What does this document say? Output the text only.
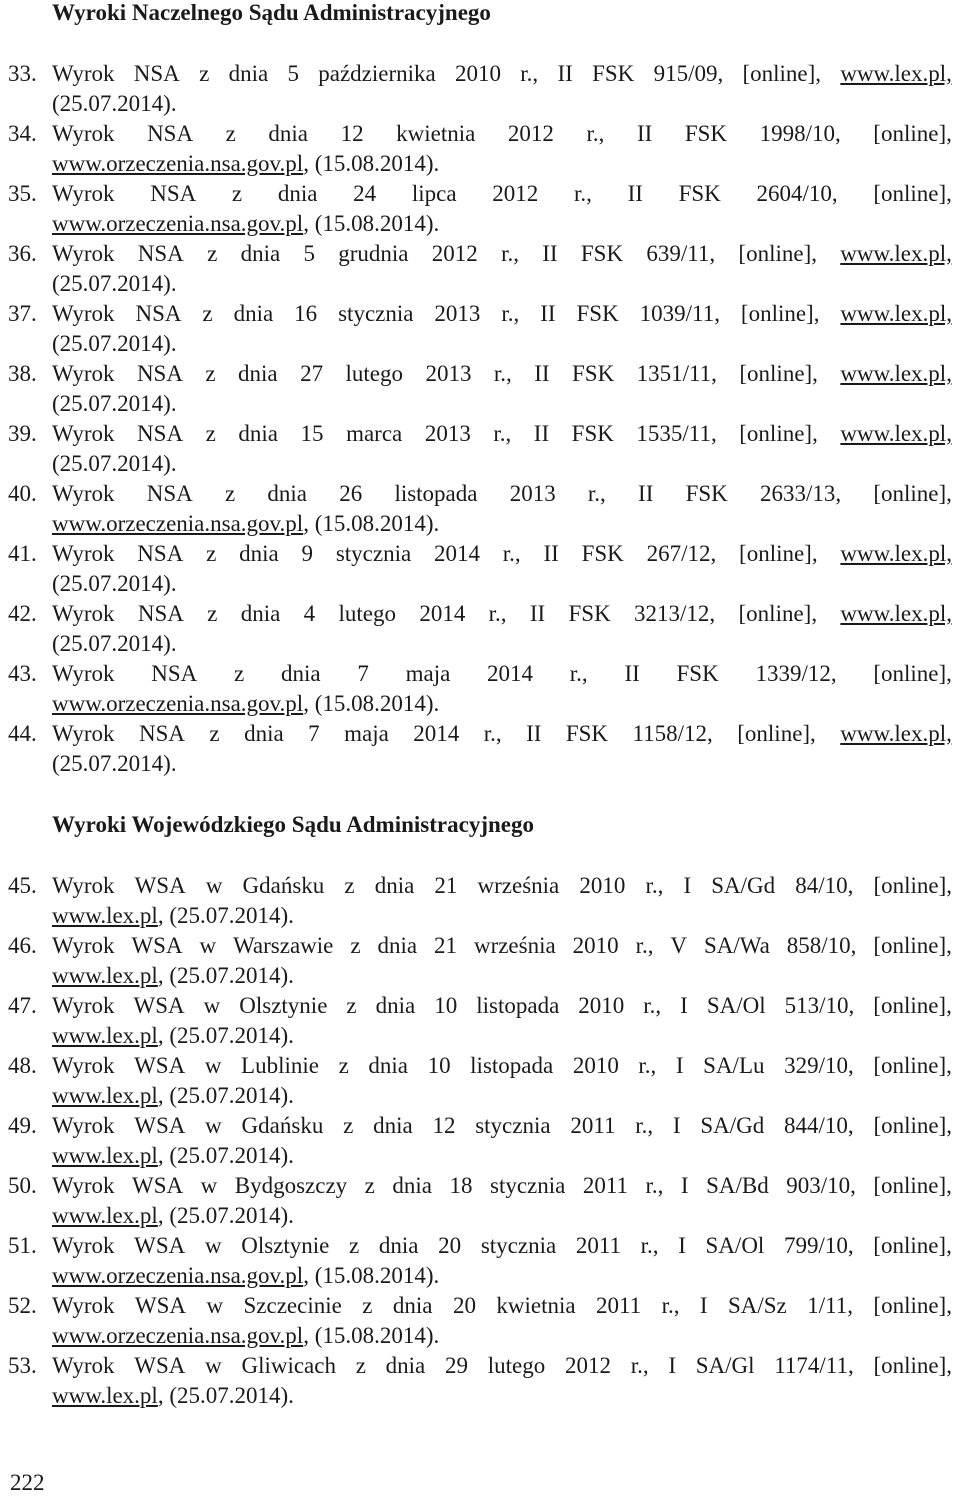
Wyroki Naczelnego Sądu Administracyjnego
33. Wyrok NSA z dnia 5 października 2010 r., II FSK 915/09, [online], www.lex.pl,
(25.07.2014).
34. Wyrok NSA z dnia 12 kwietnia 2012 r., II FSK 1998/10, [online],
www.orzeczenia.nsa.gov.pl, (15.08.2014).
35. Wyrok NSA z dnia 24 lipca 2012 r., II FSK 2604/10, [online],
www.orzeczenia.nsa.gov.pl, (15.08.2014).
36. Wyrok NSA z dnia 5 grudnia 2012 r., II FSK 639/11, [online], www.lex.pl,
(25.07.2014).
37. Wyrok NSA z dnia 16 stycznia 2013 r., II FSK 1039/11, [online], www.lex.pl,
(25.07.2014).
38. Wyrok NSA z dnia 27 lutego 2013 r., II FSK 1351/11, [online], www.lex.pl,
(25.07.2014).
39. Wyrok NSA z dnia 15 marca 2013 r., II FSK 1535/11, [online], www.lex.pl,
(25.07.2014).
40. Wyrok NSA z dnia 26 listopada 2013 r., II FSK 2633/13, [online],
www.orzeczenia.nsa.gov.pl, (15.08.2014).
41. Wyrok NSA z dnia 9 stycznia 2014 r., II FSK 267/12, [online], www.lex.pl,
(25.07.2014).
42. Wyrok NSA z dnia 4 lutego 2014 r., II FSK 3213/12, [online], www.lex.pl,
(25.07.2014).
43. Wyrok NSA z dnia 7 maja 2014 r., II FSK 1339/12, [online],
www.orzeczenia.nsa.gov.pl, (15.08.2014).
44. Wyrok NSA z dnia 7 maja 2014 r., II FSK 1158/12, [online], www.lex.pl,
(25.07.2014).
Wyroki Wojewódzkiego Sądu Administracyjnego
45. Wyrok WSA w Gdańsku z dnia 21 września 2010 r., I SA/Gd 84/10, [online],
www.lex.pl, (25.07.2014).
46. Wyrok WSA w Warszawie z dnia 21 września 2010 r., V SA/Wa 858/10, [online],
www.lex.pl, (25.07.2014).
47. Wyrok WSA w Olsztynie z dnia 10 listopada 2010 r., I SA/Ol 513/10, [online],
www.lex.pl, (25.07.2014).
48. Wyrok WSA w Lublinie z dnia 10 listopada 2010 r., I SA/Lu 329/10, [online],
www.lex.pl, (25.07.2014).
49. Wyrok WSA w Gdańsku z dnia 12 stycznia 2011 r., I SA/Gd 844/10, [online],
www.lex.pl, (25.07.2014).
50. Wyrok WSA w Bydgoszczy z dnia 18 stycznia 2011 r., I SA/Bd 903/10, [online],
www.lex.pl, (25.07.2014).
51. Wyrok WSA w Olsztynie z dnia 20 stycznia 2011 r., I SA/Ol 799/10, [online],
www.orzeczenia.nsa.gov.pl, (15.08.2014).
52. Wyrok WSA w Szczecinie z dnia 20 kwietnia 2011 r., I SA/Sz 1/11, [online],
www.orzeczenia.nsa.gov.pl, (15.08.2014).
53. Wyrok WSA w Gliwicach z dnia 29 lutego 2012 r., I SA/Gl 1174/11, [online],
www.lex.pl, (25.07.2014).
222
